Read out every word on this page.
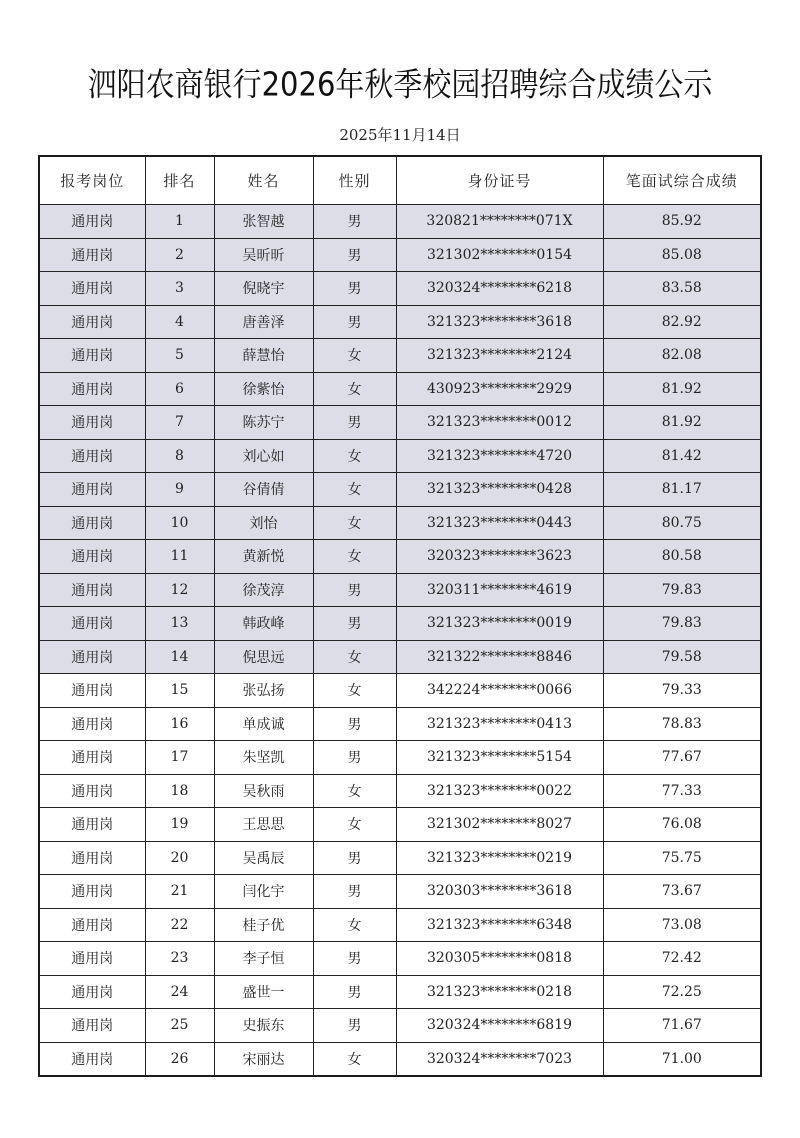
泗阳农商银行2026年秋季校园招聘综合成绩公示
2025年11月14日
报考岗位	排名	姓名	性别	身份证号	笔面试综合成绩
通用岗	1	张智越	男	320821********071X	85.92
通用岗	2	吴昕昕	男	321302********0154	85.08
通用岗	3	倪晓宇	男	320324********6218	83.58
通用岗	4	唐善泽	男	321323********3618	82.92
通用岗	5	薛慧怡	女	321323********2124	82.08
通用岗	6	徐紫怡	女	430923********2929	81.92
通用岗	7	陈苏宁	男	321323********0012	81.92
通用岗	8	刘心如	女	321323********4720	81.42
通用岗	9	谷倩倩	女	321323********0428	81.17
通用岗	10	刘怡	女	321323********0443	80.75
通用岗	11	黄新悦	女	320323********3623	80.58
通用岗	12	徐茂淳	男	320311********4619	79.83
通用岗	13	韩政峰	男	321323********0019	79.83
通用岗	14	倪思远	女	321322********8846	79.58
通用岗	15	张弘扬	女	342224********0066	79.33
通用岗	16	单成诚	男	321323********0413	78.83
通用岗	17	朱坚凯	男	321323********5154	77.67
通用岗	18	吴秋雨	女	321323********0022	77.33
通用岗	19	王思思	女	321302********8027	76.08
通用岗	20	吴禹辰	男	321323********0219	75.75
通用岗	21	闫化宇	男	320303********3618	73.67
通用岗	22	桂子优	女	321323********6348	73.08
通用岗	23	李子恒	男	320305********0818	72.42
通用岗	24	盛世一	男	321323********0218	72.25
通用岗	25	史振东	男	320324********6819	71.67
通用岗	26	宋丽达	女	320324********7023	71.00
